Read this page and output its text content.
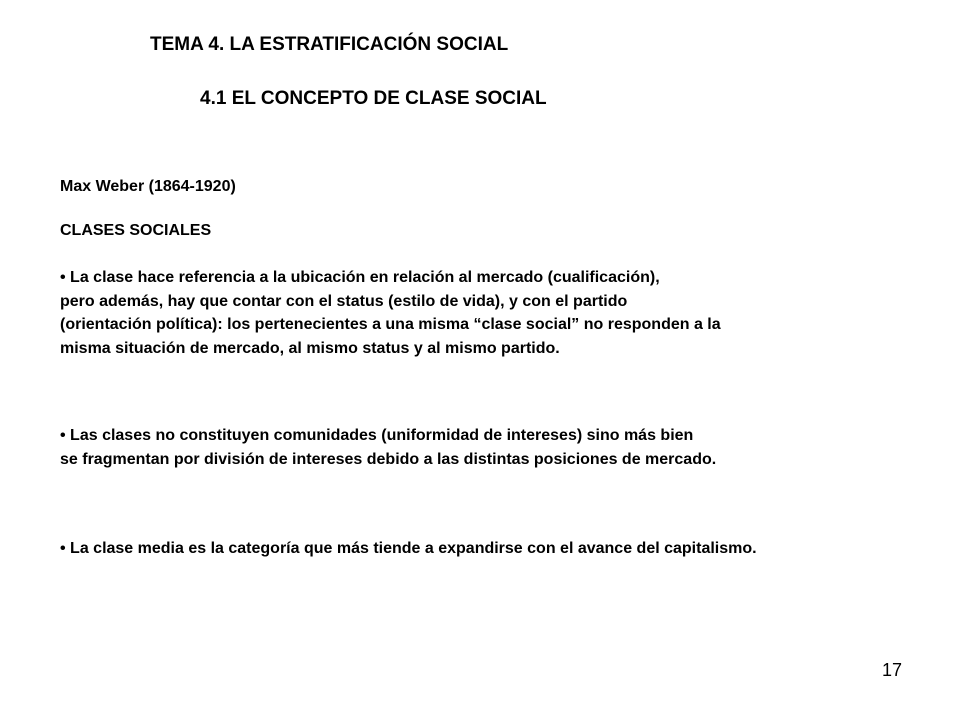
TEMA 4. LA ESTRATIFICACIÓN SOCIAL
4.1 EL CONCEPTO DE CLASE SOCIAL
Max Weber (1864-1920)
CLASES SOCIALES
• La clase hace referencia a la ubicación en relación al mercado (cualificación),
pero además, hay que contar con el status (estilo de vida), y con el partido
(orientación política): los pertenecientes a una misma “clase social” no responden a la
misma situación de mercado, al mismo status y al mismo partido.
• Las clases no constituyen comunidades (uniformidad de intereses) sino más bien
se fragmentan por división de intereses debido a las distintas posiciones de mercado.
• La clase media es la categoría que más tiende a expandirse con el avance del capitalismo.
17
